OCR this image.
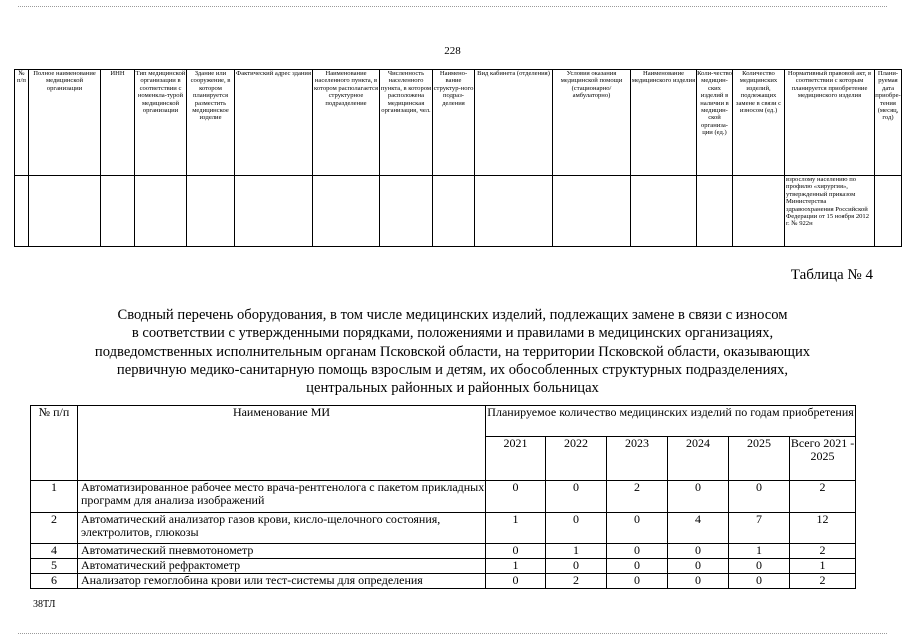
228
№ п/п	Полное наименование медицинской организации	ИНН	Тип медицинской организации в соответствии с номенкла-турой медицинской организации	Здание или сооружение, в котором планируется разместить медицинское изделие	Фактический адрес здания	Наименование населенного пункта, в котором располагается структурное подразделение	Численность населенного пункта, в котором расположена медицинская организация, чел.	Наимено-вание структур-ного подраз-деления	Вид кабинета (отделения)	Условия оказания медицинской помощи (стационарно/амбулаторно)	Наименование медицинского изделия	Коли-чество медицин-ских изделий в наличии в медицин-ской организа-ции (ед.)	Количество медицинских изделий, подлежащих замене в связи с износом (ед.)	Нормативный правовой акт, в соответствии с которым планируется приобретение медицинского изделия	Плани-руемая дата приобре-тения (месяц, год)
														взрослому населению по профилю «хирургия», утвержденный приказом Министерства здравоохранения Российской Федерации от 15 ноября 2012 г. № 922н	
Таблица № 4
Сводный перечень оборудования, в том числе медицинских изделий, подлежащих замене в связи с износом
в соответствии с утвержденными порядками, положениями и правилами в медицинских организациях,
подведомственных исполнительным органам Псковской области, на территории Псковской области, оказывающих
первичную медико-санитарную помощь взрослым и детям, их обособленных структурных подразделениях,
центральных районных и районных больницах
№ п/п	Наименование МИ	Планируемое количество медицинских изделий по годам приобретения					
		2021	2022	2023	2024	2025	Всего 2021 - 2025
1	Автоматизированное рабочее место врача-рентгенолога с пакетом прикладных программ для анализа изображений	0	0	2	0	0	2
2	Автоматический анализатор газов крови, кисло-щелочного состояния, электролитов, глюкозы	1	0	0	4	7	12
4	Автоматический пневмотонометр	0	1	0	0	1	2
5	Автоматический рефрактометр	1	0	0	0	0	1
6	Анализатор гемоглобина крови или тест-системы для определения	0	2	0	0	0	2
38ТЛ
